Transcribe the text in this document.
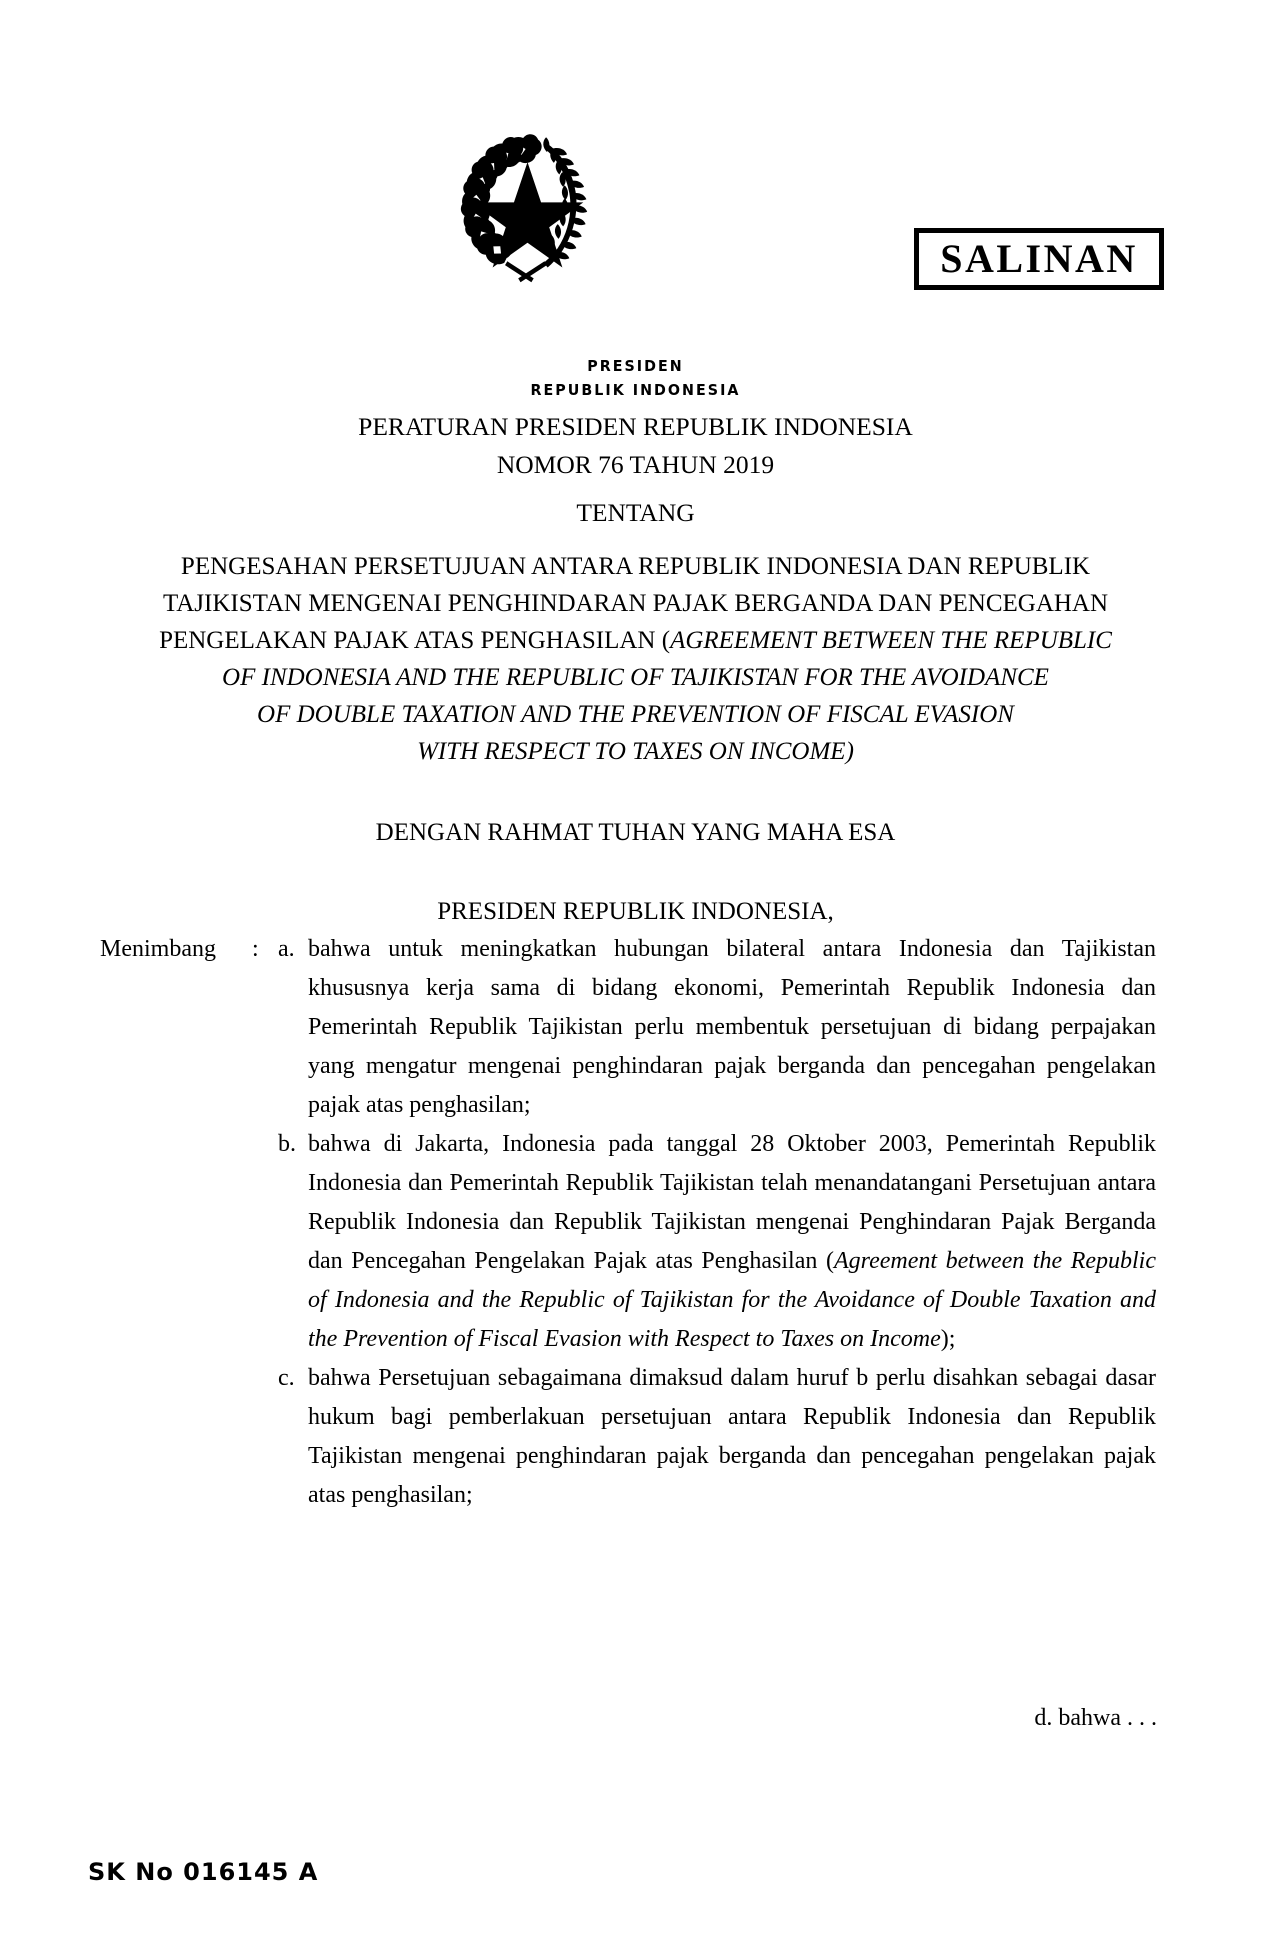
SALINAN
PRESIDEN
REPUBLIK INDONESIA
PERATURAN PRESIDEN REPUBLIK INDONESIA
NOMOR 76 TAHUN 2019
TENTANG
PENGESAHAN PERSETUJUAN ANTARA REPUBLIK INDONESIA DAN REPUBLIK
TAJIKISTAN MENGENAI PENGHINDARAN PAJAK BERGANDA DAN PENCEGAHAN
PENGELAKAN PAJAK ATAS PENGHASILAN (AGREEMENT BETWEEN THE REPUBLIC
OF INDONESIA AND THE REPUBLIC OF TAJIKISTAN FOR THE AVOIDANCE
OF DOUBLE TAXATION AND THE PREVENTION OF FISCAL EVASION
WITH RESPECT TO TAXES ON INCOME)
DENGAN RAHMAT TUHAN YANG MAHA ESA
PRESIDEN REPUBLIK INDONESIA,
Menimbang	: a. bahwa untuk meningkatkan hubungan bilateral antara Indonesia dan Tajikistan khususnya kerja sama di bidang ekonomi, Pemerintah Republik Indonesia dan Pemerintah Republik Tajikistan perlu membentuk persetujuan di bidang perpajakan yang mengatur mengenai penghindaran pajak berganda dan pencegahan pengelakan pajak atas penghasilan;
b. bahwa di Jakarta, Indonesia pada tanggal 28 Oktober 2003, Pemerintah Republik Indonesia dan Pemerintah Republik Tajikistan telah menandatangani Persetujuan antara Republik Indonesia dan Republik Tajikistan mengenai Penghindaran Pajak Berganda dan Pencegahan Pengelakan Pajak atas Penghasilan (Agreement between the Republic of Indonesia and the Republic of Tajikistan for the Avoidance of Double Taxation and the Prevention of Fiscal Evasion with Respect to Taxes on Income);
c. bahwa Persetujuan sebagaimana dimaksud dalam huruf b perlu disahkan sebagai dasar hukum bagi pemberlakuan persetujuan antara Republik Indonesia dan Republik Tajikistan mengenai penghindaran pajak berganda dan pencegahan pengelakan pajak atas penghasilan;
d. bahwa . . .
SK No 016145 A
